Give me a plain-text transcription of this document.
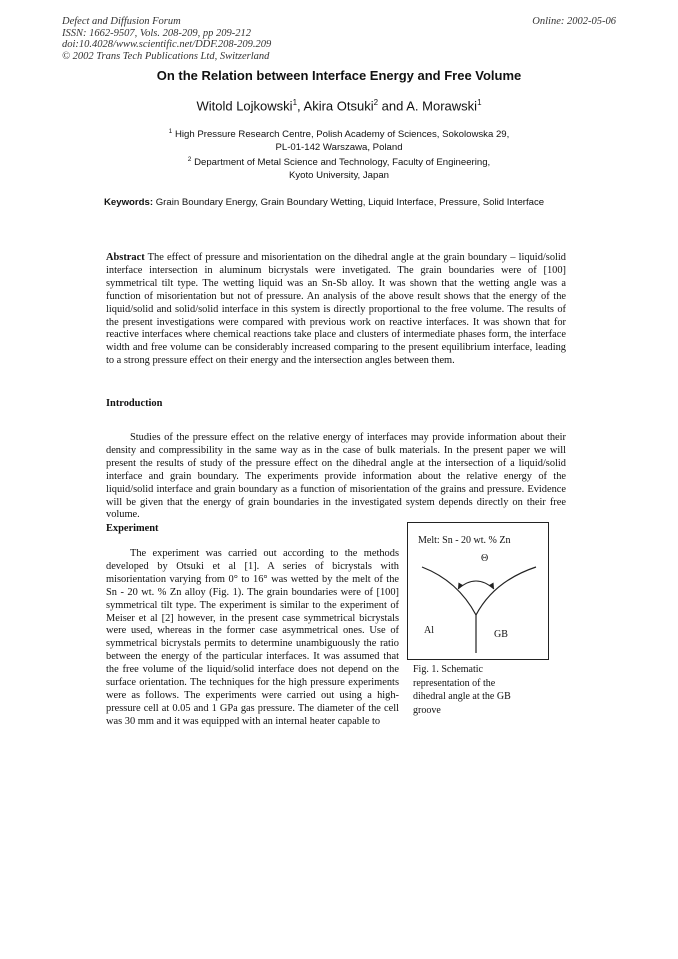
Defect and Diffusion Forum
ISSN: 1662-9507, Vols. 208-209, pp 209-212
doi:10.4028/www.scientific.net/DDF.208-209.209
© 2002 Trans Tech Publications Ltd, Switzerland
Online: 2002-05-06
On the Relation between Interface Energy and Free Volume
Witold Lojkowski$^1$, Akira Otsuki$^2$ and A. Morawski$^1$
$^1$ High Pressure Research Centre, Polish Academy of Sciences, Sokolowska 29,
PL-01-142 Warszawa, Poland
$^2$ Department of Metal Science and Technology, Faculty of Engineering,
Kyoto University, Japan
Keywords: Grain Boundary Energy, Grain Boundary Wetting, Liquid Interface, Pressure, Solid Interface
Abstract The effect of pressure and misorientation on the dihedral angle at the grain boundary – liquid/solid interface intersection in aluminum bicrystals were invetigated. The grain boundaries were of [100] symmetrical tilt type. The wetting liquid was an Sn-Sb alloy. It was shown that the wetting angle was a function of misorientation but not of pressure. An analysis of the above result shows that the energy of the liquid/solid and solid/solid interface in this system is directly proportional to the free volume. The results of the present investigations were compared with previous work on reactive interfaces. It was shown that for reactive interfaces where chemical reactions take place and clusters of intermediate phases form, the interface width and free volume can be considerably increased comparing to the present equilibrium interface, leading to a strong pressure effect on their energy and the intersection angles between them.
Introduction
Studies of the pressure effect on the relative energy of interfaces may provide information about their density and compressibility in the same way as in the case of bulk materials. In the present paper we will present the results of study of the pressure effect on the dihedral angle at the intersection of a liquid/solid interface and grain boundary. The experiments provide information about the relative energy of the liquid/solid interface and grain boundary as a function of misorientation of the grains and pressure. Evidence will be given that the energy of grain boundaries in the investigated system depends directly on their free volume.
Experiment
The experiment was carried out according to the methods developed by Otsuki et al [1]. A series of bicrystals with misorientation varying from 0° to 16° was wetted by the melt of the Sn - 20 wt. % Zn alloy (Fig. 1). The grain boundaries were of [100] symmetrical tilt type. The experiment is similar to the experiment of Meiser et al [2] however, in the present case symmetrical bicrystals were used, whereas in the former case asymmetrical ones. Use of symmetrical bicrystals permits to determine unambiguously the ratio between the energy of the particular interfaces. It was assumed that the free volume of the liquid/solid interface does not depend on the surface orientation. The techniques for the high pressure experiments were as follows. The experiments were carried out using a high-pressure cell at 0.05 and 1 GPa gas pressure. The diameter of the cell was 30 mm and it was equipped with an internal heater capable to
Melt: Sn - 20 wt. % Zn
Θ
Al	GB
Fig. 1. Schematic representation of the dihedral angle at the GB groove
